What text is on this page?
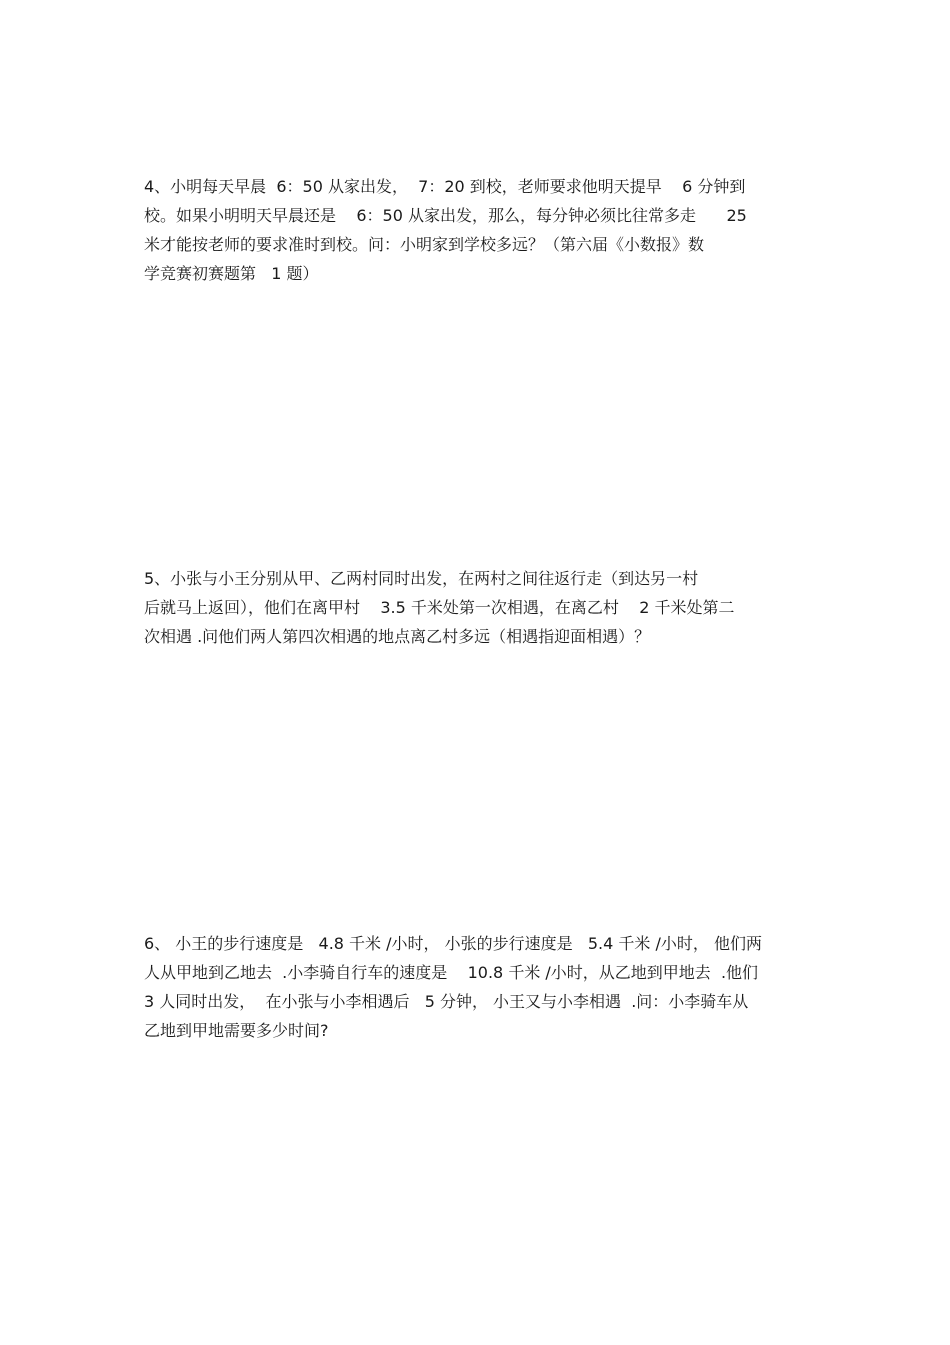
4、小明每天早晨  6：50 从家出发，  7：20 到校，老师要求他明天提早    6 分钟到
校。如果小明明天早晨还是    6：50 从家出发，那么，每分钟必须比往常多走      25
米才能按老师的要求准时到校。问：小明家到学校多远？（第六届《小数报》数
学竞赛初赛题第   1 题）
5、小张与小王分别从甲、乙两村同时出发，在两村之间往返行走（到达另一村
后就马上返回），他们在离甲村    3.5 千米处第一次相遇，在离乙村    2 千米处第二
次相遇 .问他们两人第四次相遇的地点离乙村多远（相遇指迎面相遇）？
6、 小王的步行速度是   4.8 千米 /小时， 小张的步行速度是   5.4 千米 /小时， 他们两
人从甲地到乙地去  .小李骑自行车的速度是    10.8 千米 /小时，从乙地到甲地去  .他们
3 人同时出发，  在小张与小李相遇后   5 分钟， 小王又与小李相遇  .问：小李骑车从
乙地到甲地需要多少时间?
